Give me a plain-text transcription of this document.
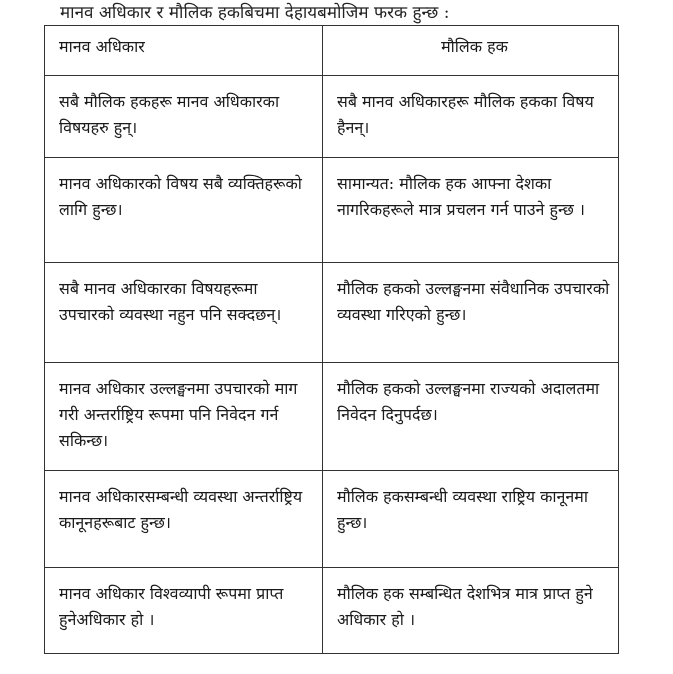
मानव अधिकार र मौलिक हकबिचमा देहायबमोजिम फरक हुन्छ :
मानव अधिकार	मौलिक हक
सबै मौलिक हकहरू मानव अधिकारका विषयहरु हुन्।	सबै मानव अधिकारहरू मौलिक हकका विषय हैनन्।
मानव अधिकारको विषय सबै व्यक्तिहरूको लागि हुन्छ।	सामान्यत: मौलिक हक आफ्ना देशका नागरिकहरूले मात्र प्रचलन गर्न पाउने हुन्छ ।
सबै मानव अधिकारका विषयहरूमा उपचारको व्यवस्था नहुन पनि सक्दछन्।	मौलिक हकको उल्लङ्घनमा संवैधानिक उपचारको व्यवस्था गरिएको हुन्छ।
मानव अधिकार उल्लङ्घनमा उपचारको माग गरी अन्तर्राष्ट्रिय रूपमा पनि निवेदन गर्न सकिन्छ।	मौलिक हकको उल्लङ्घनमा राज्यको अदालतमा निवेदन दिनुपर्दछ।
मानव अधिकारसम्बन्धी व्यवस्था अन्तर्राष्ट्रिय कानूनहरूबाट हुन्छ।	मौलिक हकसम्बन्धी व्यवस्था राष्ट्रिय कानूनमा हुन्छ।
मानव अधिकार विश्वव्यापी रूपमा प्राप्त हुनेअधिकार हो ।	मौलिक हक सम्बन्धित देशभित्र मात्र प्राप्त हुने अधिकार हो ।
